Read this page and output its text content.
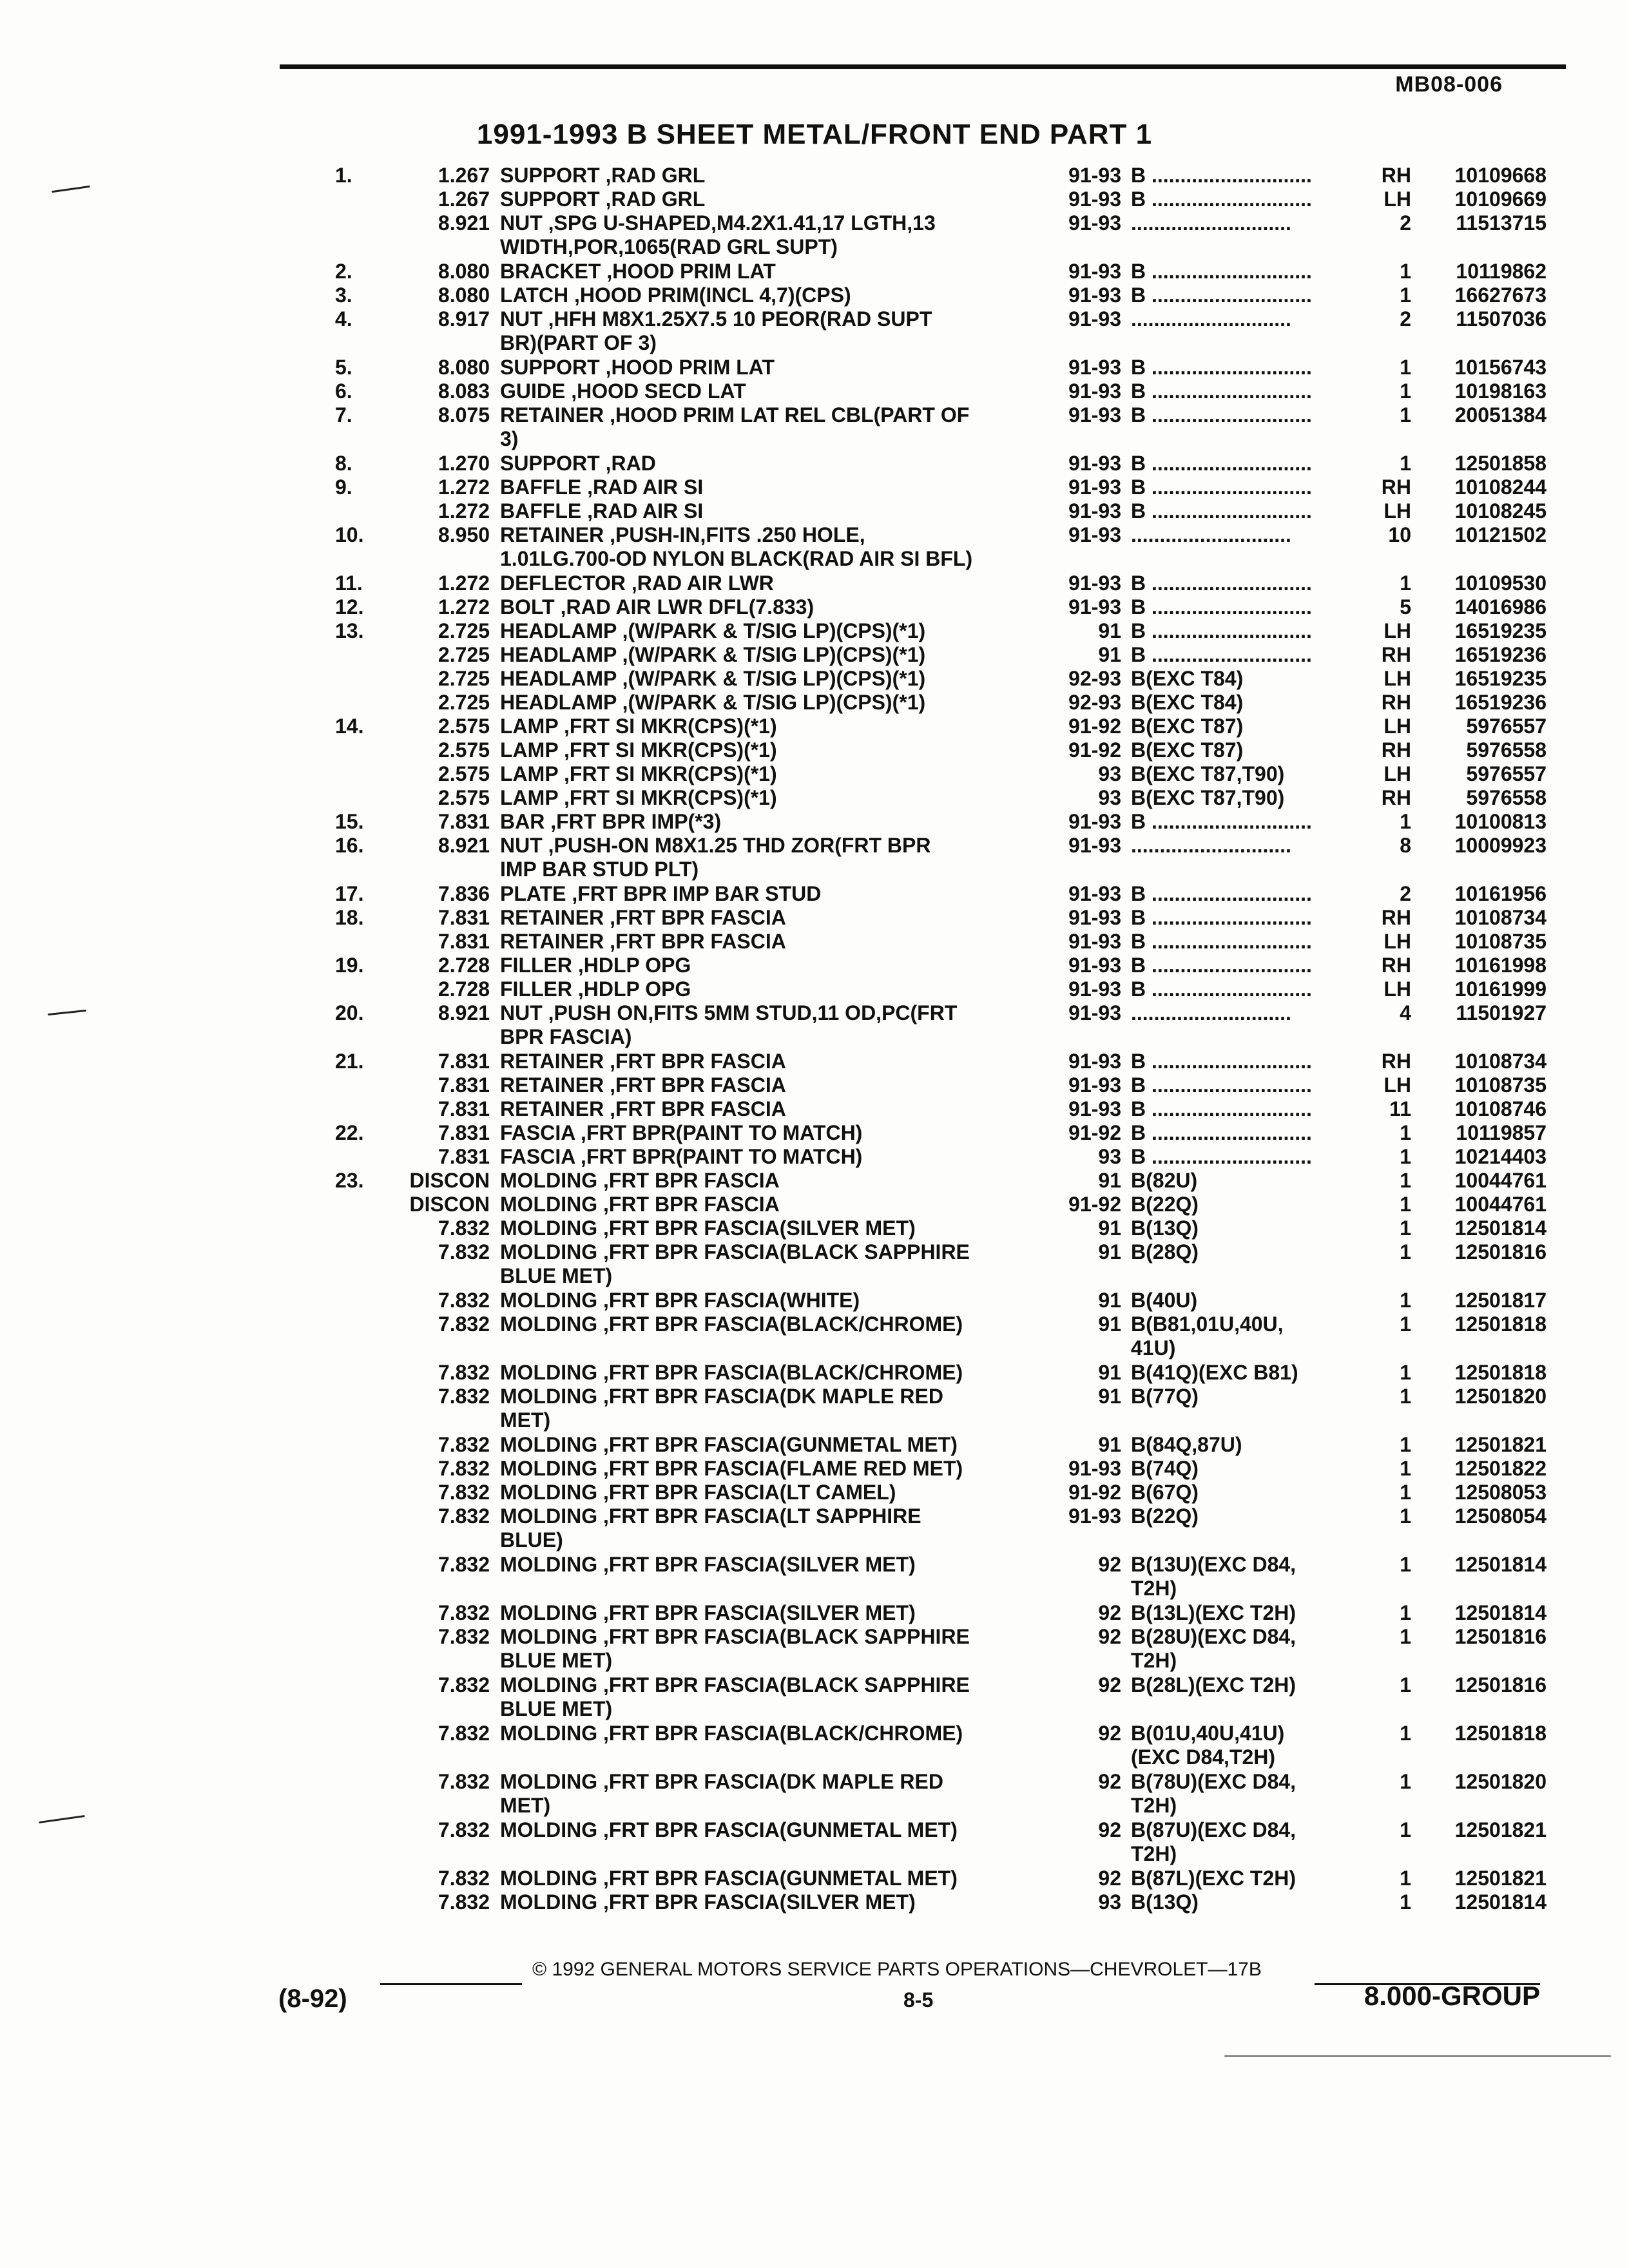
MB08-006
1991-1993 B SHEET METAL/FRONT END PART 1
1.	1.267 SUPPORT ,RAD GRL	91-93 B ............................	RH	10109668
1.267 SUPPORT ,RAD GRL	91-93 B ............................	LH	10109669
8.921 NUT ,SPG U-SHAPED,M4.2X1.41,17 LGTH,13
WIDTH,POR,1065(RAD GRL SUPT)
91-93 ............................	2	11513715
2.	8.080 BRACKET ,HOOD PRIM LAT	91-93 B ............................	1	10119862
3.	8.080 LATCH ,HOOD PRIM(INCL 4,7)(CPS)	91-93 B ............................	1	16627673
4.	8.917 NUT ,HFH M8X1.25X7.5 10 PEOR(RAD SUPT
BR)(PART OF 3)
91-93 ............................	2	11507036
5.	8.080 SUPPORT ,HOOD PRIM LAT	91-93 B ............................	1	10156743
6.	8.083 GUIDE ,HOOD SECD LAT	91-93 B ............................	1	10198163
7.	8.075 RETAINER ,HOOD PRIM LAT REL CBL(PART OF
3)
91-93 B ............................	1	20051384
8.	1.270 SUPPORT ,RAD	91-93 B ............................	1	12501858
9.	1.272 BAFFLE ,RAD AIR SI	91-93 B ............................	RH	10108244
1.272 BAFFLE ,RAD AIR SI	91-93 B ............................	LH	10108245
10.	8.950 RETAINER ,PUSH-IN,FITS .250 HOLE,
1.01LG.700-OD NYLON BLACK(RAD AIR SI BFL)
91-93 ............................	10	10121502
11.	1.272 DEFLECTOR ,RAD AIR LWR	91-93 B ............................	1	10109530
12.	1.272 BOLT ,RAD AIR LWR DFL(7.833)	91-93 B ............................	5	14016986
13.	2.725 HEADLAMP ,(W/PARK & T/SIG LP)(CPS)(*1)	91 B ............................	LH	16519235
2.725 HEADLAMP ,(W/PARK & T/SIG LP)(CPS)(*1)	91 B ............................	RH	16519236
2.725 HEADLAMP ,(W/PARK & T/SIG LP)(CPS)(*1)	92-93 B(EXC T84)	LH	16519235
2.725 HEADLAMP ,(W/PARK & T/SIG LP)(CPS)(*1)	92-93 B(EXC T84)	RH	16519236
14.	2.575 LAMP ,FRT SI MKR(CPS)(*1)	91-92 B(EXC T87)	LH	5976557
2.575 LAMP ,FRT SI MKR(CPS)(*1)	91-92 B(EXC T87)	RH	5976558
2.575 LAMP ,FRT SI MKR(CPS)(*1)	93 B(EXC T87,T90)	LH	5976557
2.575 LAMP ,FRT SI MKR(CPS)(*1)	93 B(EXC T87,T90)	RH	5976558
15.	7.831 BAR ,FRT BPR IMP(*3)	91-93 B ............................	1	10100813
16.	8.921 NUT ,PUSH-ON M8X1.25 THD ZOR(FRT BPR
IMP BAR STUD PLT)
91-93 ............................	8	10009923
17.	7.836 PLATE ,FRT BPR IMP BAR STUD	91-93 B ............................	2	10161956
18.	7.831 RETAINER ,FRT BPR FASCIA	91-93 B ............................	RH	10108734
7.831 RETAINER ,FRT BPR FASCIA	91-93 B ............................	LH	10108735
19.	2.728 FILLER ,HDLP OPG	91-93 B ............................	RH	10161998
2.728 FILLER ,HDLP OPG	91-93 B ............................	LH	10161999
20.	8.921 NUT ,PUSH ON,FITS 5MM STUD,11 OD,PC(FRT
BPR FASCIA)
91-93 ............................	4	11501927
21.	7.831 RETAINER ,FRT BPR FASCIA	91-93 B ............................	RH	10108734
7.831 RETAINER ,FRT BPR FASCIA	91-93 B ............................	LH	10108735
7.831 RETAINER ,FRT BPR FASCIA	91-93 B ............................	11	10108746
22.	7.831 FASCIA ,FRT BPR(PAINT TO MATCH)	91-92 B ............................	1	10119857
7.831 FASCIA ,FRT BPR(PAINT TO MATCH)	93 B ............................	1	10214403
23.	DISCON MOLDING ,FRT BPR FASCIA	91 B(82U)	1	10044761
DISCON MOLDING ,FRT BPR FASCIA	91-92 B(22Q)	1	10044761
7.832 MOLDING ,FRT BPR FASCIA(SILVER MET)	91 B(13Q)	1	12501814
7.832 MOLDING ,FRT BPR FASCIA(BLACK SAPPHIRE
BLUE MET)
91 B(28Q)	1	12501816
7.832 MOLDING ,FRT BPR FASCIA(WHITE)	91 B(40U)	1	12501817
7.832 MOLDING ,FRT BPR FASCIA(BLACK/CHROME)	91 B(B81,01U,40U,
41U)
1	12501818
7.832 MOLDING ,FRT BPR FASCIA(BLACK/CHROME)	91 B(41Q)(EXC B81)	1	12501818
7.832 MOLDING ,FRT BPR FASCIA(DK MAPLE RED
MET)
91 B(77Q)	1	12501820
7.832 MOLDING ,FRT BPR FASCIA(GUNMETAL MET)	91 B(84Q,87U)	1	12501821
7.832 MOLDING ,FRT BPR FASCIA(FLAME RED MET)	91-93 B(74Q)	1	12501822
7.832 MOLDING ,FRT BPR FASCIA(LT CAMEL)	91-92 B(67Q)	1	12508053
7.832 MOLDING ,FRT BPR FASCIA(LT SAPPHIRE
BLUE)
91-93 B(22Q)	1	12508054
7.832 MOLDING ,FRT BPR FASCIA(SILVER MET)	92 B(13U)(EXC D84,
T2H)
1	12501814
7.832 MOLDING ,FRT BPR FASCIA(SILVER MET)	92 B(13L)(EXC T2H)	1	12501814
7.832 MOLDING ,FRT BPR FASCIA(BLACK SAPPHIRE
BLUE MET)
92 B(28U)(EXC D84,
T2H)
1	12501816
7.832 MOLDING ,FRT BPR FASCIA(BLACK SAPPHIRE
BLUE MET)
92 B(28L)(EXC T2H)	1	12501816
7.832 MOLDING ,FRT BPR FASCIA(BLACK/CHROME)	92 B(01U,40U,41U)
(EXC D84,T2H)
1	12501818
7.832 MOLDING ,FRT BPR FASCIA(DK MAPLE RED
MET)
92 B(78U)(EXC D84,
T2H)
1	12501820
7.832 MOLDING ,FRT BPR FASCIA(GUNMETAL MET)	92 B(87U)(EXC D84,
T2H)
1	12501821
7.832 MOLDING ,FRT BPR FASCIA(GUNMETAL MET)	92 B(87L)(EXC T2H)	1	12501821
7.832 MOLDING ,FRT BPR FASCIA(SILVER MET)	93 B(13Q)	1	12501814
© 1992 GENERAL MOTORS SERVICE PARTS OPERATIONS—CHEVROLET—17B
(8-92)	8-5	8.000-GROUP
